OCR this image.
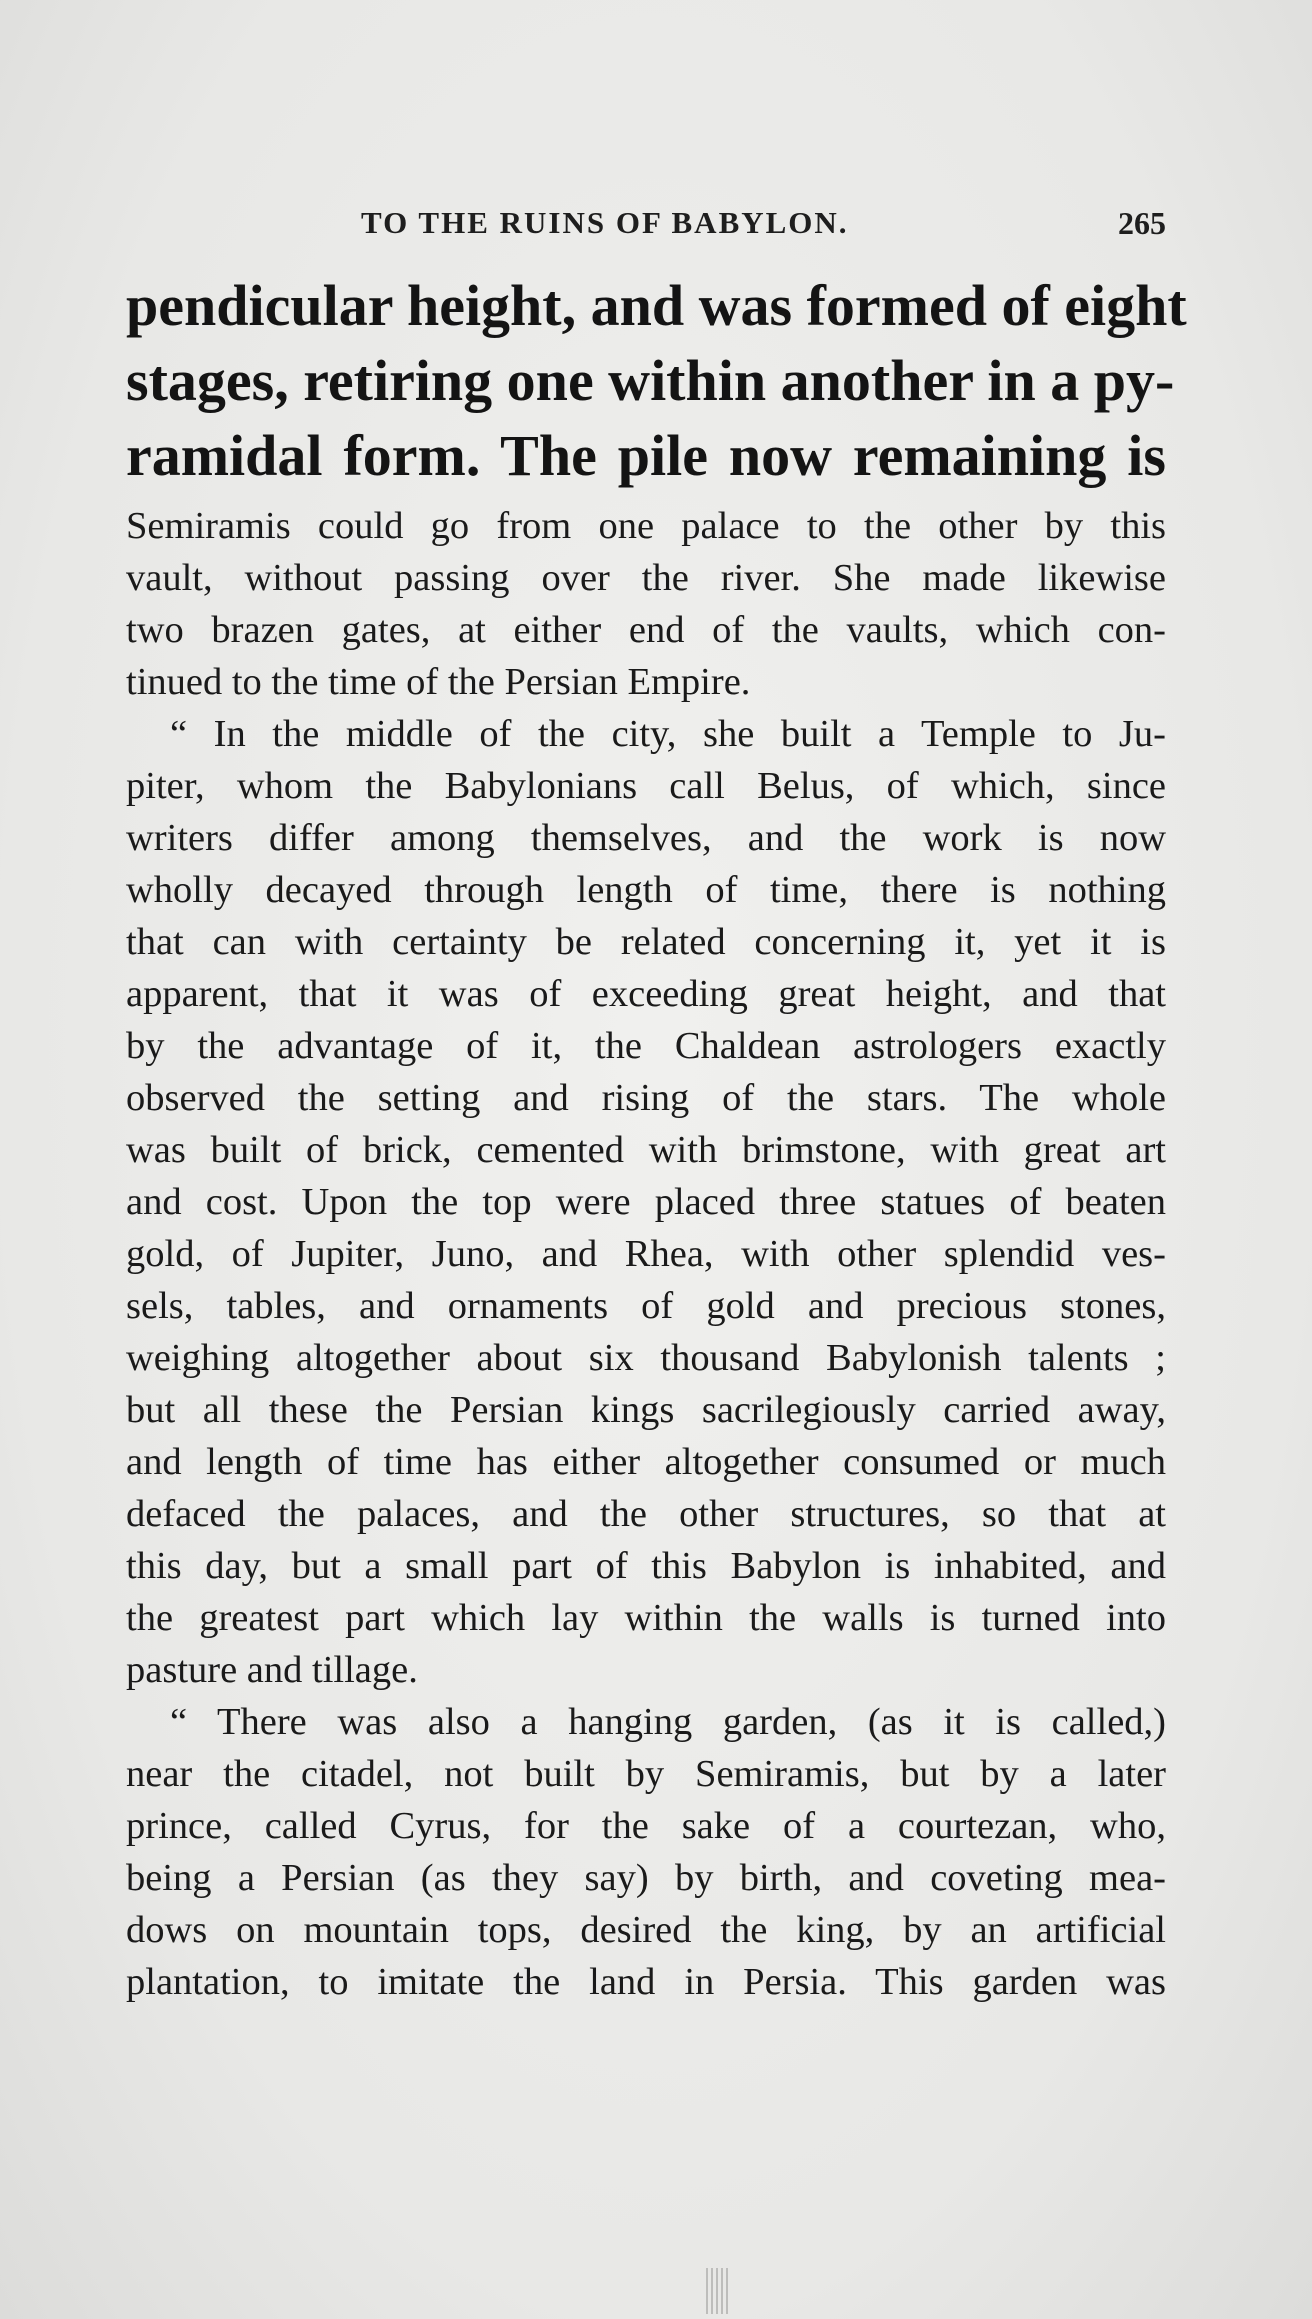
TO THE RUINS OF BABYLON.	265
pendicular height, and was formed of eight
stages, retiring one within another in a py-
ramidal form. The pile now remaining is
Semiramis could go from one palace to the other by this
vault, without passing over the river. She made likewise
two brazen gates, at either end of the vaults, which con-
tinued to the time of the Persian Empire.
“ In the middle of the city, she built a Temple to Ju-
piter, whom the Babylonians call Belus, of which, since
writers differ among themselves, and the work is now
wholly decayed through length of time, there is nothing
that can with certainty be related concerning it, yet it is
apparent, that it was of exceeding great height, and that
by the advantage of it, the Chaldean astrologers exactly
observed the setting and rising of the stars. The whole
was built of brick, cemented with brimstone, with great art
and cost. Upon the top were placed three statues of beaten
gold, of Jupiter, Juno, and Rhea, with other splendid ves-
sels, tables, and ornaments of gold and precious stones,
weighing altogether about six thousand Babylonish talents ;
but all these the Persian kings sacrilegiously carried away,
and length of time has either altogether consumed or much
defaced the palaces, and the other structures, so that at
this day, but a small part of this Babylon is inhabited, and
the greatest part which lay within the walls is turned into
pasture and tillage.
“ There was also a hanging garden, (as it is called,)
near the citadel, not built by Semiramis, but by a later
prince, called Cyrus, for the sake of a courtezan, who,
being a Persian (as they say) by birth, and coveting mea-
dows on mountain tops, desired the king, by an artificial
plantation, to imitate the land in Persia. This garden was
